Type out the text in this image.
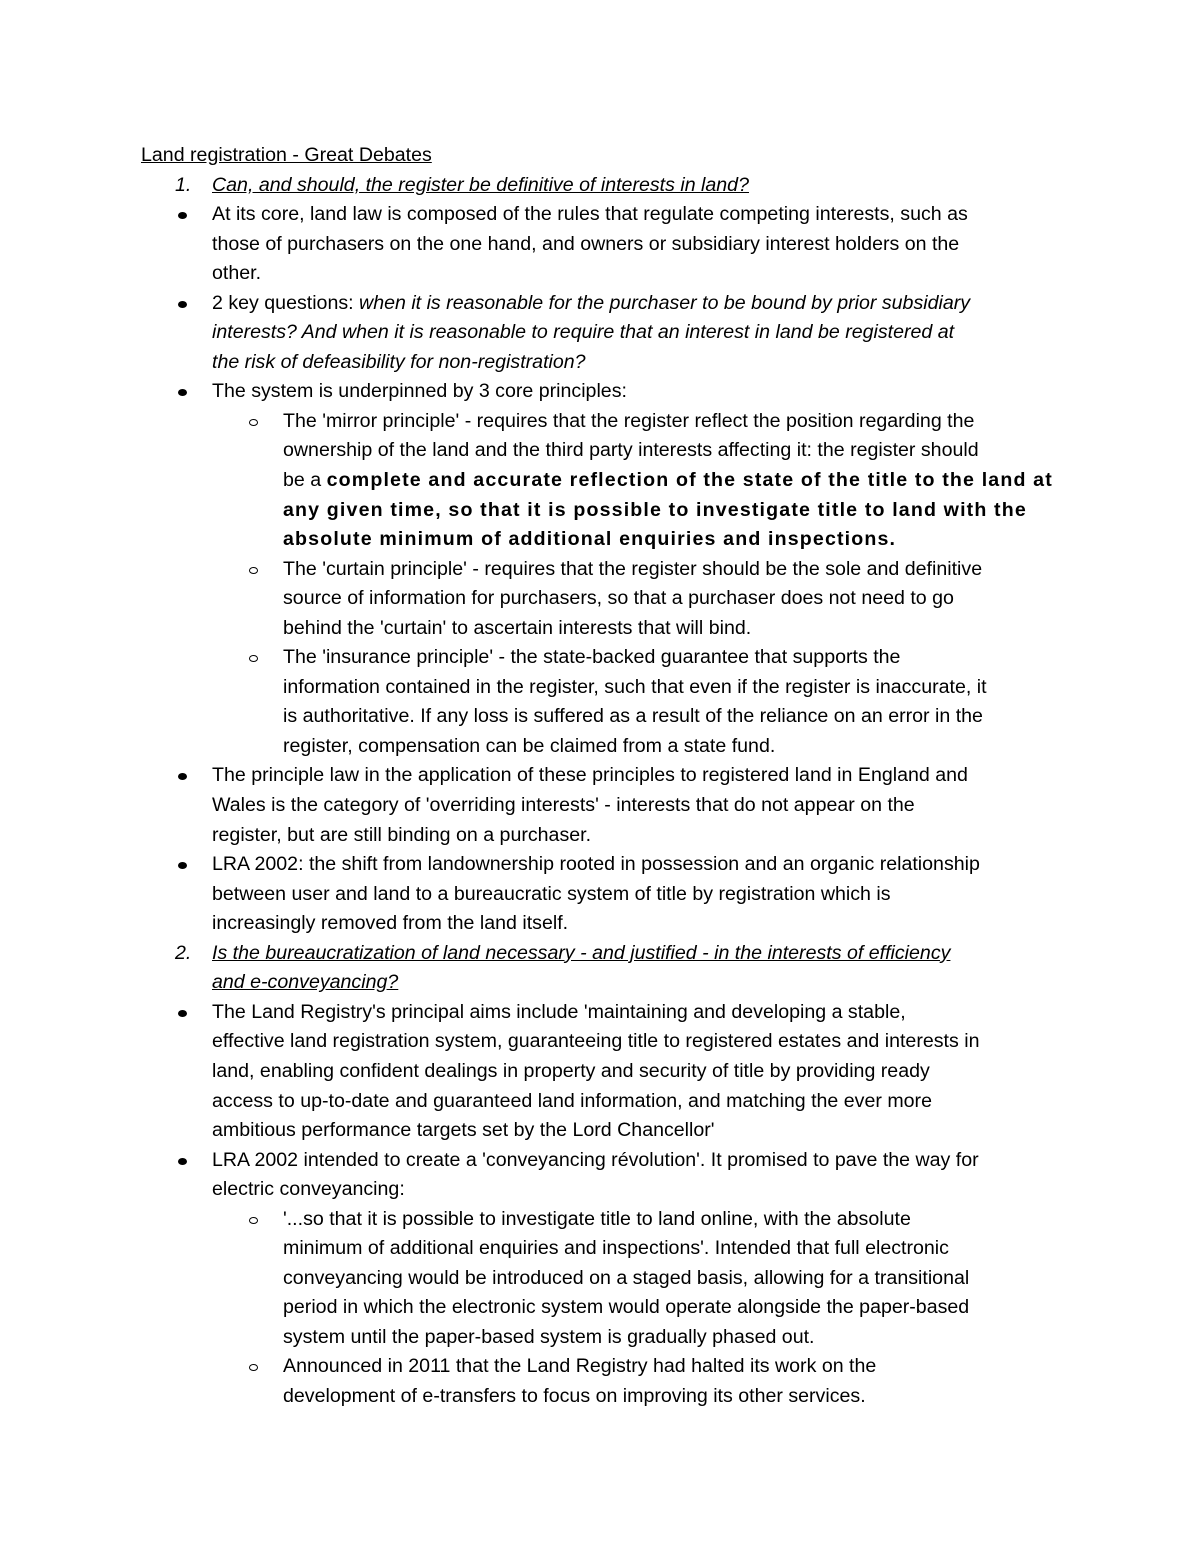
Land registration - Great Debates
1. Can, and should, the register be definitive of interests in land?
At its core, land law is composed of the rules that regulate competing interests, such as
those of purchasers on the one hand, and owners or subsidiary interest holders on the
other.
2 key questions: when it is reasonable for the purchaser to be bound by prior subsidiary
interests? And when it is reasonable to require that an interest in land be registered at
the risk of defeasibility for non-registration?
The system is underpinned by 3 core principles:
The 'mirror principle' - requires that the register reflect the position regarding the
ownership of the land and the third party interests affecting it: the register should
be a complete and accurate reflection of the state of the title to the land at
any given time, so that it is possible to investigate title to land with the
absolute minimum of additional enquiries and inspections.
The 'curtain principle' - requires that the register should be the sole and definitive
source of information for purchasers, so that a purchaser does not need to go
behind the 'curtain' to ascertain interests that will bind.
The 'insurance principle' - the state-backed guarantee that supports the
information contained in the register, such that even if the register is inaccurate, it
is authoritative. If any loss is suffered as a result of the reliance on an error in the
register, compensation can be claimed from a state fund.
The principle law in the application of these principles to registered land in England and
Wales is the category of 'overriding interests' - interests that do not appear on the
register, but are still binding on a purchaser.
LRA 2002: the shift from landownership rooted in possession and an organic relationship
between user and land to a bureaucratic system of title by registration which is
increasingly removed from the land itself.
2. Is the bureaucratization of land necessary - and justified - in the interests of efficiency
and e-conveyancing?
The Land Registry's principal aims include 'maintaining and developing a stable,
effective land registration system, guaranteeing title to registered estates and interests in
land, enabling confident dealings in property and security of title by providing ready
access to up-to-date and guaranteed land information, and matching the ever more
ambitious performance targets set by the Lord Chancellor'
LRA 2002 intended to create a 'conveyancing révolution'. It promised to pave the way for
electric conveyancing:
'...so that it is possible to investigate title to land online, with the absolute
minimum of additional enquiries and inspections'. Intended that full electronic
conveyancing would be introduced on a staged basis, allowing for a transitional
period in which the electronic system would operate alongside the paper-based
system until the paper-based system is gradually phased out.
Announced in 2011 that the Land Registry had halted its work on the
development of e-transfers to focus on improving its other services.
